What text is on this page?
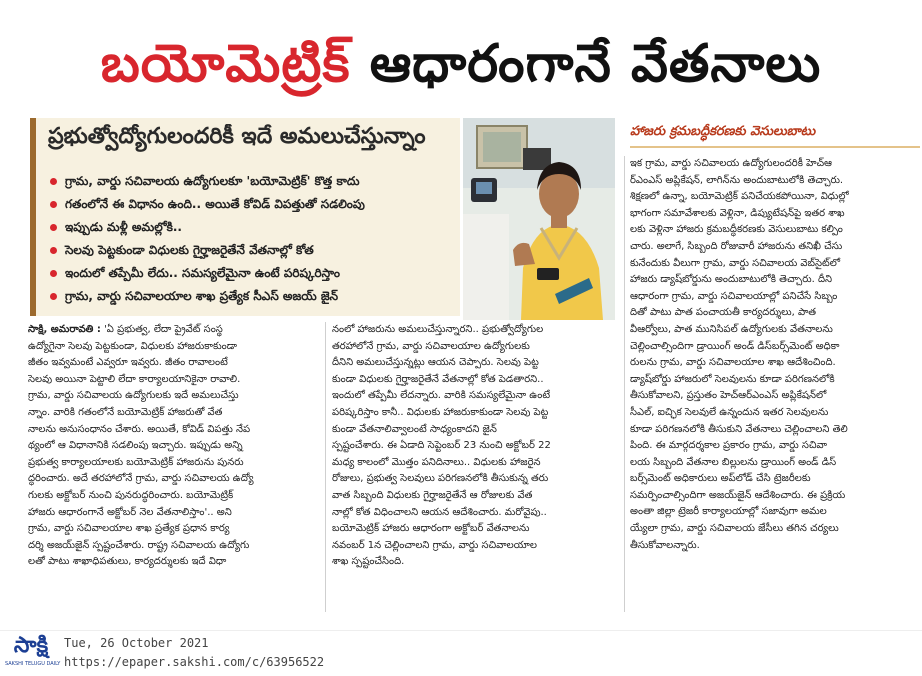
బయోమెట్రిక్ ఆధారంగానే వేతనాలు
ప్రభుత్వోద్యోగులందరికీ ఇదే అమలుచేస్తున్నాం
గ్రామ, వార్డు సచివాలయ ఉద్యోగులకూ 'బయోమెట్రిక్' కొత్త కాదు
గతంలోనే ఈ విధానం ఉంది.. అయితే కోవిడ్ విపత్తుతో సడలింపు
ఇప్పుడు మళ్లీ అమల్లోకి..
సెలవు పెట్టకుండా విధులకు గైర్హాజరైతేనే వేతనాల్లో కోత
ఇందులో తప్పేమీ లేదు.. సమస్యలేమైనా ఉంటే పరిష్కరిస్తాం
గ్రామ, వార్డు సచివాలయాల శాఖ ప్రత్యేక సీఎస్ అజయ్ జైన్
హాజరు క్రమబద్ధీకరణకు వెసులుబాటు

సాక్షి, అమరావతి : 'ఏ ప్రభుత్వ, లేదా ప్రైవేట్ సంస్థ

ఉద్యోగైనా సెలవు పెట్టకుండా, విధులకు హాజరుకాకుండా

జీతం ఇవ్వమంటే ఎవ్వరూ ఇవ్వరు. జీతం రావాలంటే

సెలవు అయినా పెట్టాలి లేదా కార్యాలయానికైనా రావాలి.

గ్రామ, వార్డు సచివాలయ ఉద్యోగులకు ఇదే అమలుచేస్తు

న్నాం. వారికి గతంలోనే బయోమెట్రిక్ హాజరుతో వేత

నాలను అనుసంధానం చేశారు. అయితే, కోవిడ్ విపత్తు నేప

థ్యంలో ఆ విధానానికి సడలింపు ఇచ్చారు. ఇప్పుడు అన్ని

ప్రభుత్వ కార్యాలయాలకు బయోమెట్రిక్ హాజరును పునరు

ద్ధరించారు. అదే తరహాలోనే గ్రామ, వార్డు సచివాలయ ఉద్యో

గులకు అక్టోబర్ నుంచి పునరుద్ధరించారు. బయోమెట్రిక్

హాజరు ఆధారంగానే అక్టోబర్ నెల వేతనాలిస్తాం'.. అని

గ్రామ, వార్డు సచివాలయాల శాఖ ప్రత్యేక ప్రధాన కార్య

దర్శి అజయ్‌జైన్ స్పష్టంచేశారు. రాష్ట్ర సచివాలయ ఉద్యోగు

లతో పాటు శాఖాధిపతులు, కార్యదర్శులకు ఇదే విధా

నంలో హాజరును అమలుచేస్తున్నారని.. ప్రభుత్వోద్యోగుల

తరహాలోనే గ్రామ, వార్డు సచివాలయాల ఉద్యోగులకు

దీనిని అమలుచేస్తున్నట్లు ఆయన చెప్పారు. సెలవు పెట్ట

కుండా విధులకు గైర్హాజరైతేనే వేతనాల్లో కోత పెడతారని..

ఇందులో తప్పేమీ లేదన్నారు. వారికి సమస్యలేమైనా ఉంటే

పరిష్కరిస్తాం కానీ.. విధులకు హాజరుకాకుండా సెలవు పెట్ట

కుండా వేతనాలివ్వాలంటే సాధ్యంకాదని జైన్

స్పష్టంచేశారు. ఈ ఏడాది సెప్టెంబర్ 23 నుంచి అక్టోబర్ 22

మధ్య కాలంలో మొత్తం పనిదినాలు.. విధులకు హాజరైన

రోజులు, ప్రభుత్వ సెలవులు పరిగణనలోకి తీసుకున్న తరు

వాత సిబ్బంది విధులకు గైర్హాజరైతేనే ఆ రోజులకు వేత

నాల్లో కోత విధించాలని ఆయన ఆదేశించారు. మరోవైపు..

బయోమెట్రిక్ హాజరు ఆధారంగా అక్టోబర్ వేతనాలను

నవంబర్ 1న చెల్లించాలని గ్రామ, వార్డు సచివాలయాల

శాఖ స్పష్టంచేసింది.

ఇక గ్రామ, వార్డు సచివాలయ ఉద్యోగులందరికీ హెచ్‌ఆ

ర్ఎంఎస్ అప్లికేషన్, లాగిన్‌ను అందుబాటులోకి తెచ్చారు.

శిక్షణలో ఉన్నా, బయోమెట్రిక్ పనిచేయకపోయినా, విధుల్లో

భాగంగా సమావేశాలకు వెళ్లినా, డిప్యుటేషన్‌పై ఇతర శాఖ

లకు వెళ్లినా హాజరు క్రమబద్ధీకరణకు వెసులుబాటు కల్పిం

చారు. అలాగే, సిబ్బంది రోజువారీ హాజరును తనిఖీ చేసు

కునేందుకు వీలుగా గ్రామ, వార్డు సచివాలయ వెబ్‌సైట్‌లో

హాజరు డ్యాష్‌బోర్డును అందుబాటులోకి తెచ్చారు. దీని

ఆధారంగా గ్రామ, వార్డు సచివాలయాల్లో పనిచేసే సిబ్బం

దితో పాటు పాత పంచాయతీ కార్యదర్శులు, పాత

వీఆర్వోలు, పాత మునిసిపల్ ఉద్యోగులకు వేతనాలను

చెల్లించాల్సిందిగా డ్రాయింగ్ అండ్ డిస్‌బర్స్‌మెంట్ అధికా

రులను గ్రామ, వార్డు సచివాలయాల శాఖ ఆదేశించింది.

డ్యాష్‌బోర్డు హాజరులో సెలవులను కూడా పరిగణనలోకి

తీసుకోవాలని, ప్రస్తుతం హెచ్‌ఆర్ఎంఎస్ అప్లికేషన్‌లో

సీఎల్, ఐచ్ఛిక సెలవులే ఉన్నందున ఇతర సెలవులను

కూడా పరిగణనలోకి తీసుకుని వేతనాలు చెల్లించాలని తెలి

పింది. ఈ మార్గదర్శకాల ప్రకారం గ్రామ, వార్డు సచివా

లయ సిబ్బంది వేతనాల బిల్లులను డ్రాయింగ్ అండ్ డిస్

బర్స్‌మెంట్ అధికారులు అప్‌లోడ్ చేసి ట్రెజరీలకు

సమర్పించాల్సిందిగా అజయ్‌జైన్ ఆదేశించారు. ఈ ప్రక్రియ

అంతా జిల్లా ట్రెజరీ కార్యాలయాల్లో సజావుగా అమల

య్యేలా గ్రామ, వార్డు సచివాలయ జేసీలు తగిన చర్యలు

తీసుకోవాలన్నారు.

సాక్షి
SAKSHI TELUGU DAILY
Tue, 26 October 2021
https://epaper.sakshi.com/c/63956522
